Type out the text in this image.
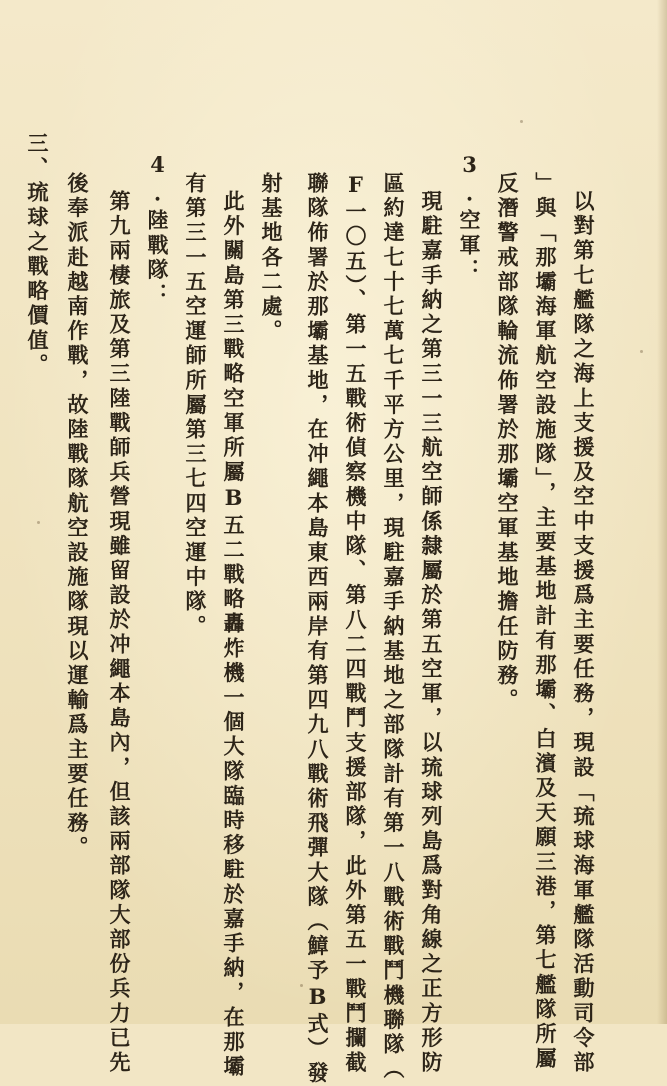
以對第七艦隊之海上支援及空中支援爲主要任務，現設「琉球海軍艦隊活動司令部
」與「那壩海軍航空設施隊」，主要基地計有那壩、白濱及天願三港，第七艦隊所屬
反潛警戒部隊輪流佈署於那壩空軍基地擔任防務。
3.空軍：
現駐嘉手納之第三一三航空師係隸屬於第五空軍，以琉球列島爲對角線之正方形防
區約達七十七萬七千平方公里，現駐嘉手納基地之部隊計有第一八戰術戰鬥機聯隊（
F一〇五）、第一五戰術偵察機中隊、第八二四戰鬥支援部隊，此外第五一戰鬥攔截
聯隊佈署於那壩基地，在冲繩本島東西兩岸有第四九八戰術飛彈大隊（鱆予B式）發
射基地各二處。
此外關島第三戰略空軍所屬B五二戰略轟炸機一個大隊臨時移駐於嘉手納，在那壩
有第三一五空運師所屬第三七四空運中隊。
4.陸戰隊：
第九兩棲旅及第三陸戰師兵營現雖留設於冲繩本島內，但該兩部隊大部份兵力已先
後奉派赴越南作戰，故陸戰隊航空設施隊現以運輸爲主要任務。
三、琉球之戰略價值。
